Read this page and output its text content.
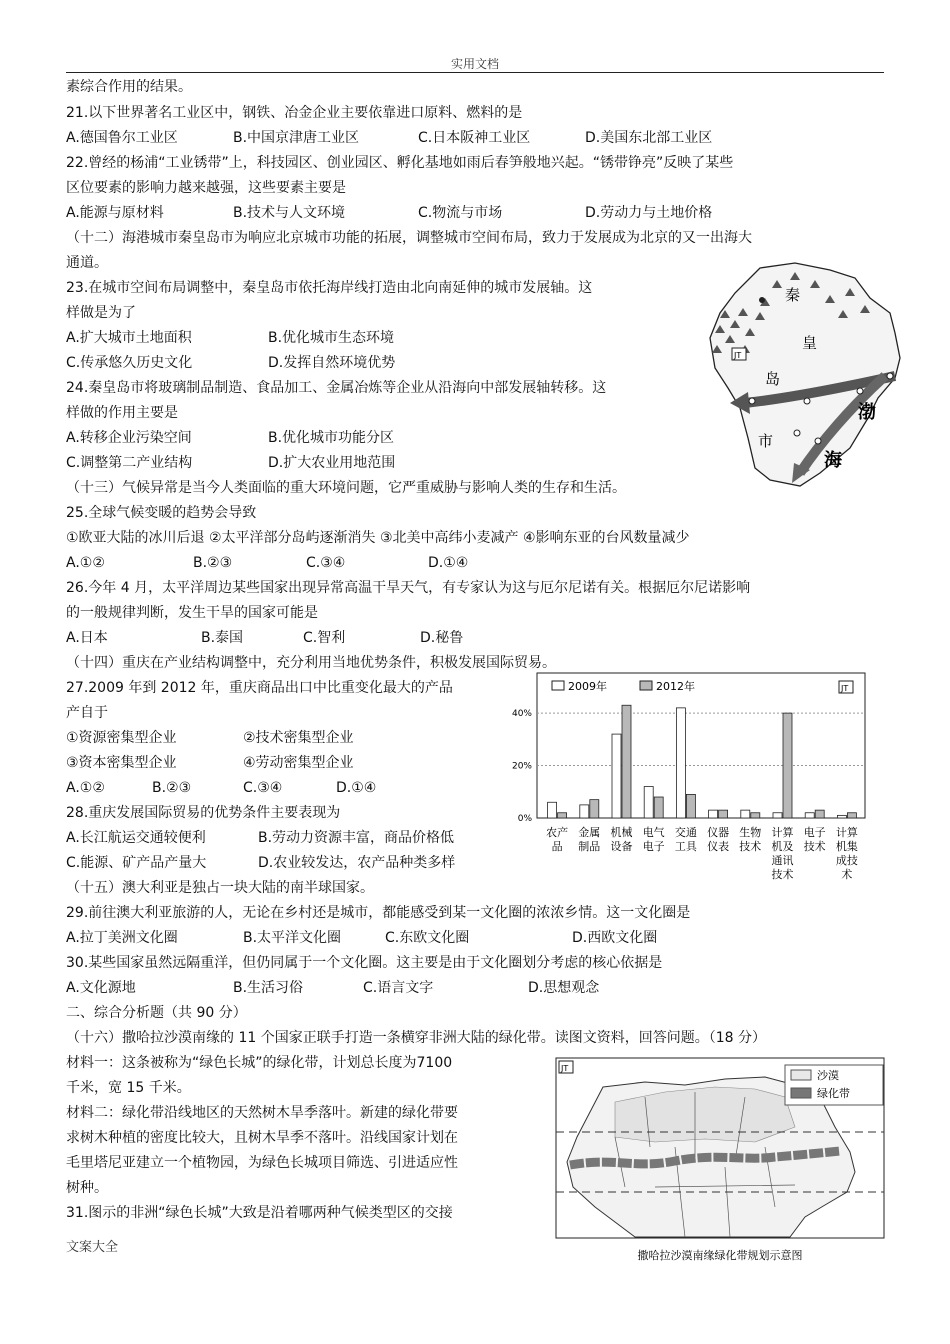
实用文档
素综合作用的结果。
21.以下世界著名工业区中，钢铁、冶金企业主要依靠进口原料、燃料的是
A.德国鲁尔工业区	B.中国京津唐工业区	C.日本阪神工业区	D.美国东北部工业区
22.曾经的杨浦“工业锈带”上，科技园区、创业园区、孵化基地如雨后春笋般地兴起。“锈带铮亮”反映了某些
区位要素的影响力越来越强，这些要素主要是
A.能源与原材料	B.技术与人文环境	C.物流与市场	D.劳动力与土地价格
（十二）海港城市秦皇岛市为响应北京城市功能的拓展，调整城市空间布局，致力于发展成为北京的又一出海大
通道。
23.在城市空间布局调整中，秦皇岛市依托海岸线打造由北向南延伸的城市发展轴。这
样做是为了
A.扩大城市土地面积	B.优化城市生态环境
C.传承悠久历史文化	D.发挥自然环境优势
24.秦皇岛市将玻璃制品制造、食品加工、金属冶炼等企业从沿海向中部发展轴转移。这
样做的作用主要是
A.转移企业污染空间	B.优化城市功能分区
C.调整第二产业结构	D.扩大农业用地范围
（十三）气候异常是当今人类面临的重大环境问题，它严重威胁与影响人类的生存和生活。
25.全球气候变暖的趋势会导致
①欧亚大陆的冰川后退 ②太平洋部分岛屿逐渐消失 ③北美中高纬小麦减产 ④影响东亚的台风数量减少
A.①②	B.②③	C.③④	D.①④
26.今年 4 月，太平洋周边某些国家出现异常高温干旱天气，有专家认为这与厄尔尼诺有关。根据厄尔尼诺影响
的一般规律判断，发生干旱的国家可能是
A.日本	B.泰国	C.智利	D.秘鲁
（十四）重庆在产业结构调整中，充分利用当地优势条件，积极发展国际贸易。
27.2009 年到 2012 年，重庆商品出口中比重变化最大的产品
产自于
①资源密集型企业	②技术密集型企业
③资本密集型企业	④劳动密集型企业
A.①②	B.②③	C.③④	D.①④
28.重庆发展国际贸易的优势条件主要表现为
A.长江航运交通较便利	B.劳动力资源丰富，商品价格低
C.能源、矿产品产量大	D.农业较发达，农产品种类多样
（十五）澳大利亚是独占一块大陆的南半球国家。
29.前往澳大利亚旅游的人，无论在乡村还是城市，都能感受到某一文化圈的浓浓乡情。这一文化圈是
A.拉丁美洲文化圈	B.太平洋文化圈	C.东欧文化圈	D.西欧文化圈
30.某些国家虽然远隔重洋，但仍同属于一个文化圈。这主要是由于文化圈划分考虑的核心依据是
A.文化源地	B.生活习俗	C.语言文字	D.思想观念
二、综合分析题（共 90 分）
（十六）撒哈拉沙漠南缘的 11 个国家正联手打造一条横穿非洲大陆的绿化带。读图文资料，回答问题。（18 分）
材料一：这条被称为“绿色长城”的绿化带，计划总长度为7100
千米，宽 15 千米。
材料二：绿化带沿线地区的天然树木旱季落叶。新建的绿化带要
求树木种植的密度比较大，且树木旱季不落叶。沿线国家计划在
毛里塔尼亚建立一个植物园，为绿色长城项目筛选、引进适应性
树种。
31.图示的非洲“绿色长城”大致是沿着哪两种气候类型区的交接
文案大全
JT
秦
皇
岛
市
渤
海
2009年	2012年	JT
0%
20%
40%
农产
品
金属
制品
机械
设备
电气
电子
交通
工具
仪器
仪表
生物
技术
计算
机及
通讯
技术
电子
技术
计算
机集
成技
术
JT
沙漠
绿化带
撒哈拉沙漠南缘绿化带规划示意图
